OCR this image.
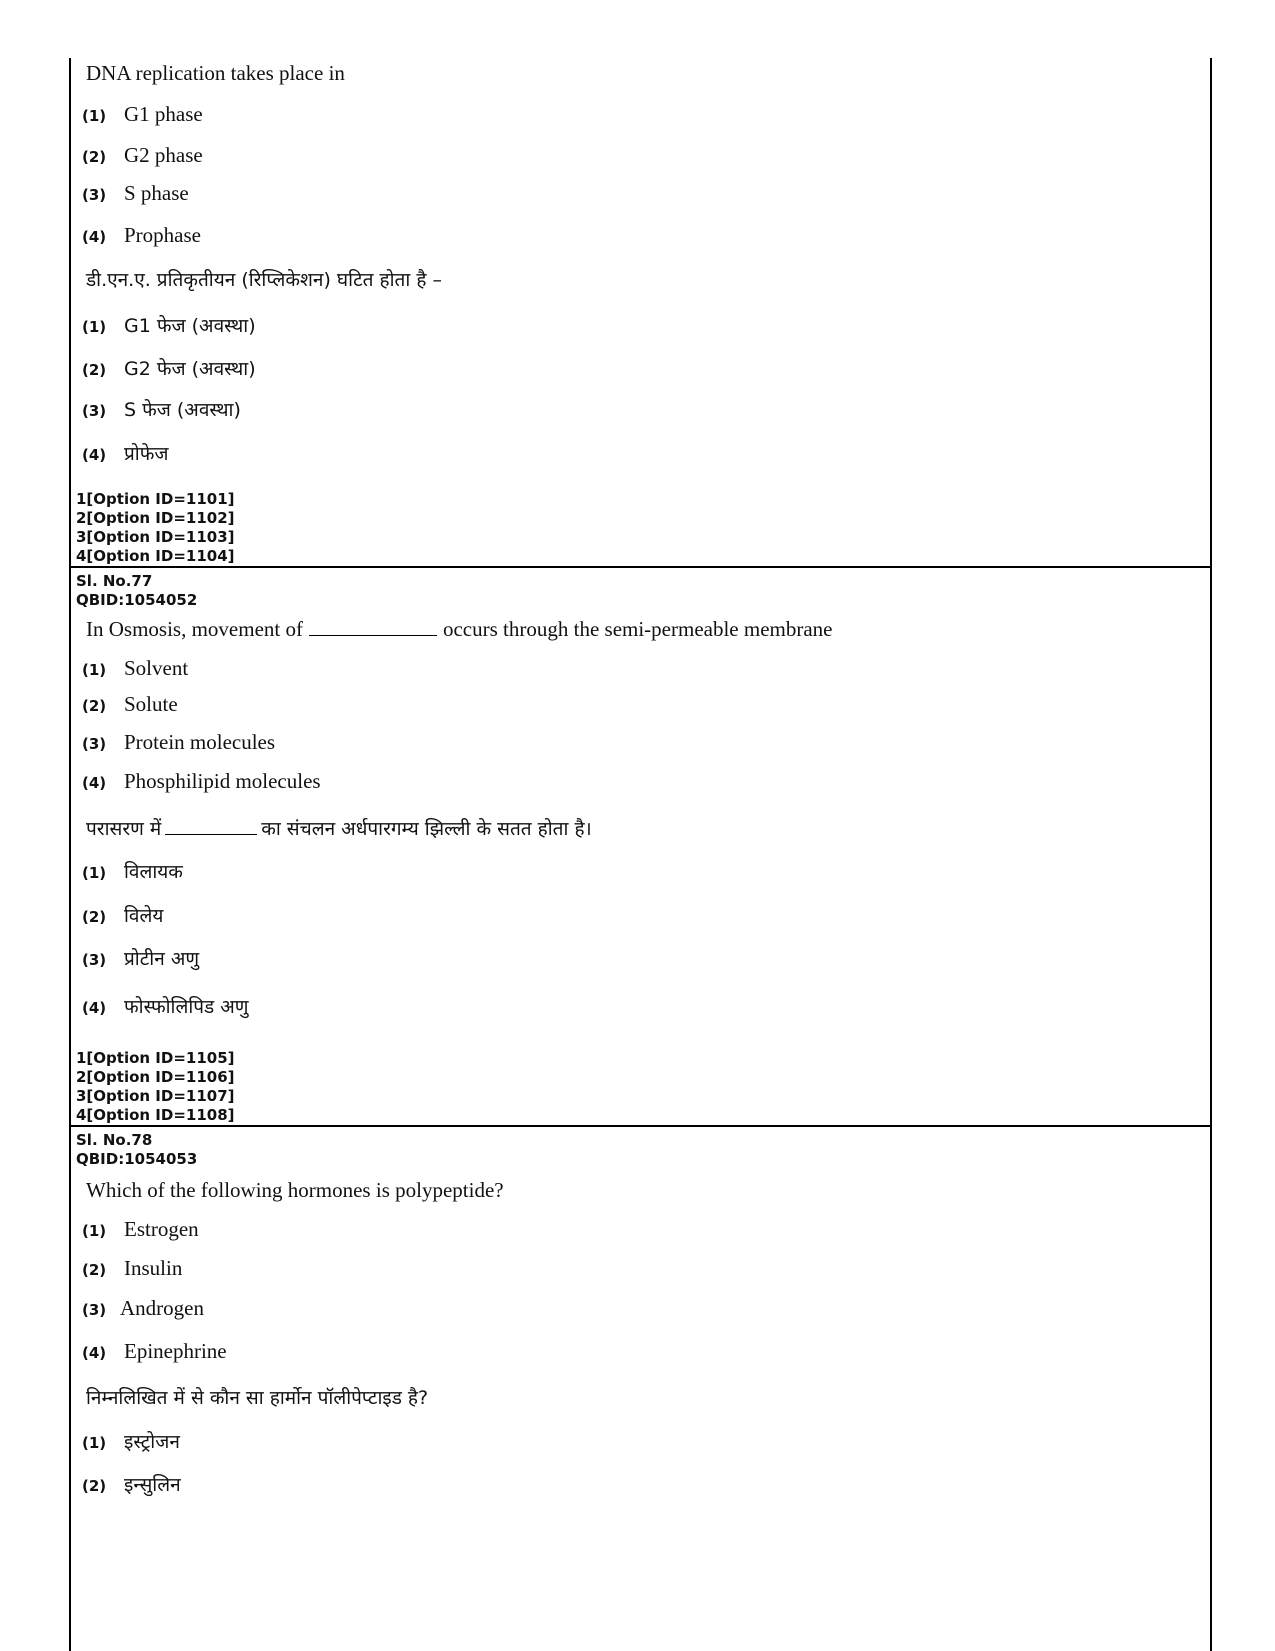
DNA replication takes place in
(1) G1 phase
(2) G2 phase
(3) S phase
(4) Prophase
डी.एन.ए. प्रतिकृतीयन (रिप्लिकेशन) घटित होता है –
(1) G1 फेज (अवस्था)
(2) G2 फेज (अवस्था)
(3) S फेज (अवस्था)
(4) प्रोफेज
1[Option ID=1101]
2[Option ID=1102]
3[Option ID=1103]
4[Option ID=1104]
Sl. No.77
QBID:1054052
In Osmosis, movement of	occurs through the semi-permeable membrane
(1) Solvent
(2) Solute
(3) Protein molecules
(4) Phosphilipid molecules
परासरण में	का संचलन अर्धपारगम्य झिल्ली के सतत होता है।
(1) विलायक
(2) विलेय
(3) प्रोटीन अणु
(4) फोस्फोलिपिड अणु
1[Option ID=1105]
2[Option ID=1106]
3[Option ID=1107]
4[Option ID=1108]
Sl. No.78
QBID:1054053
Which of the following hormones is polypeptide?
(1) Estrogen
(2) Insulin
(3) Androgen
(4) Epinephrine
निम्नलिखित में से कौन सा हार्मोन पॉलीपेप्टाइड है?
(1) इस्ट्रोजन
(2) इन्सुलिन
